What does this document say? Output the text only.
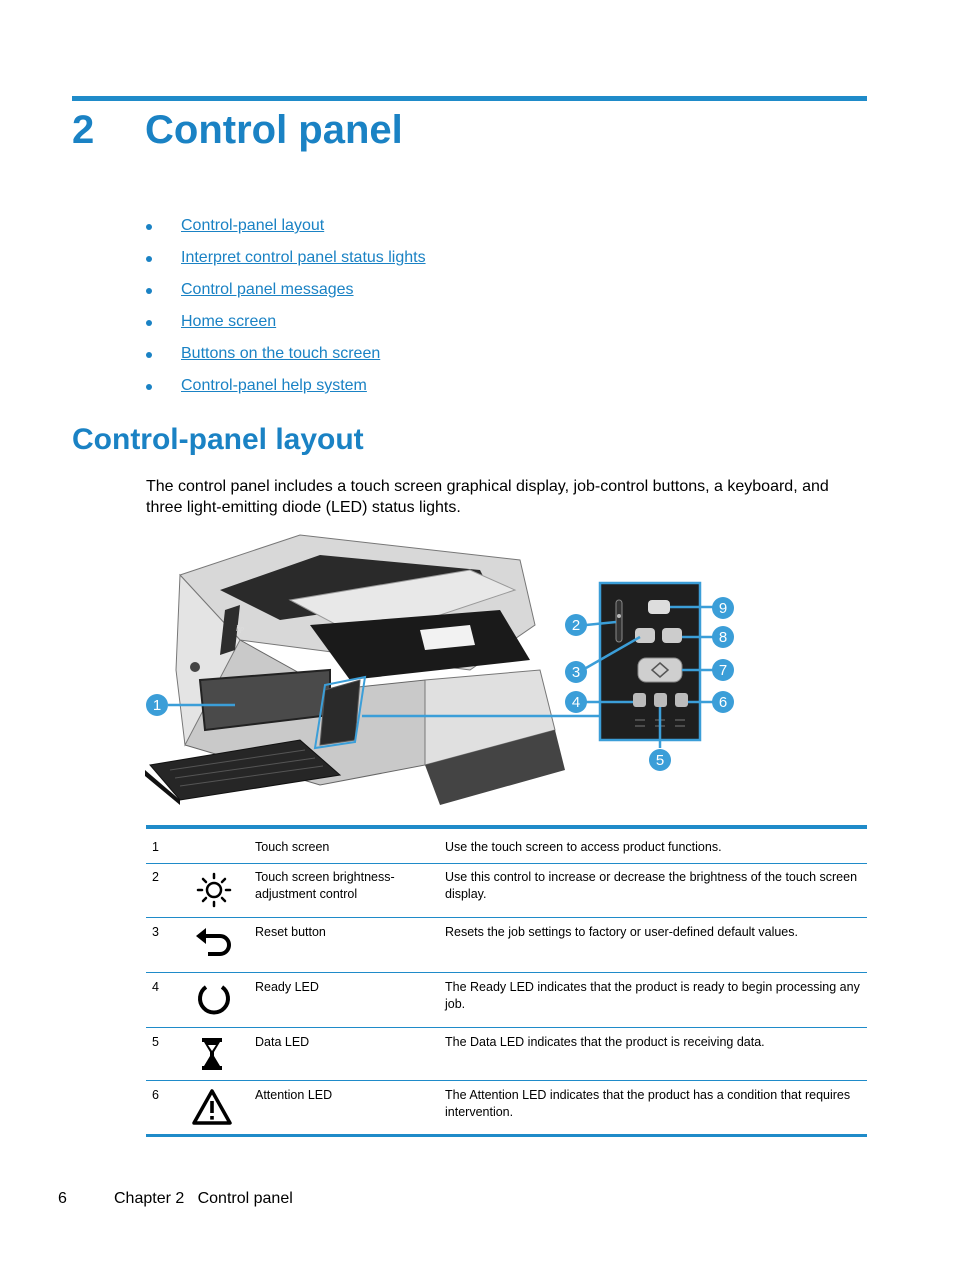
2 Control panel
Control-panel layout
Interpret control panel status lights
Control panel messages
Home screen
Buttons on the touch screen
Control-panel help system
Control-panel layout

The control panel includes a touch screen graphical display, job-control buttons, a keyboard, and three light-emitting diode (LED) status lights.

hp
1
2
3
4
5
6
7
8
9
1		Touch screen	Use the touch screen to access product functions.
2		Touch screen brightness-adjustment control	Use this control to increase or decrease the brightness of the touch screen display.
3		Reset button	Resets the job settings to factory or user-defined default values.
4		Ready LED	The Ready LED indicates that the product is ready to begin processing any job.
5		Data LED	The Data LED indicates that the product is receiving data.
6		Attention LED	The Attention LED indicates that the product has a condition that requires intervention.
6	Chapter 2   Control panel
